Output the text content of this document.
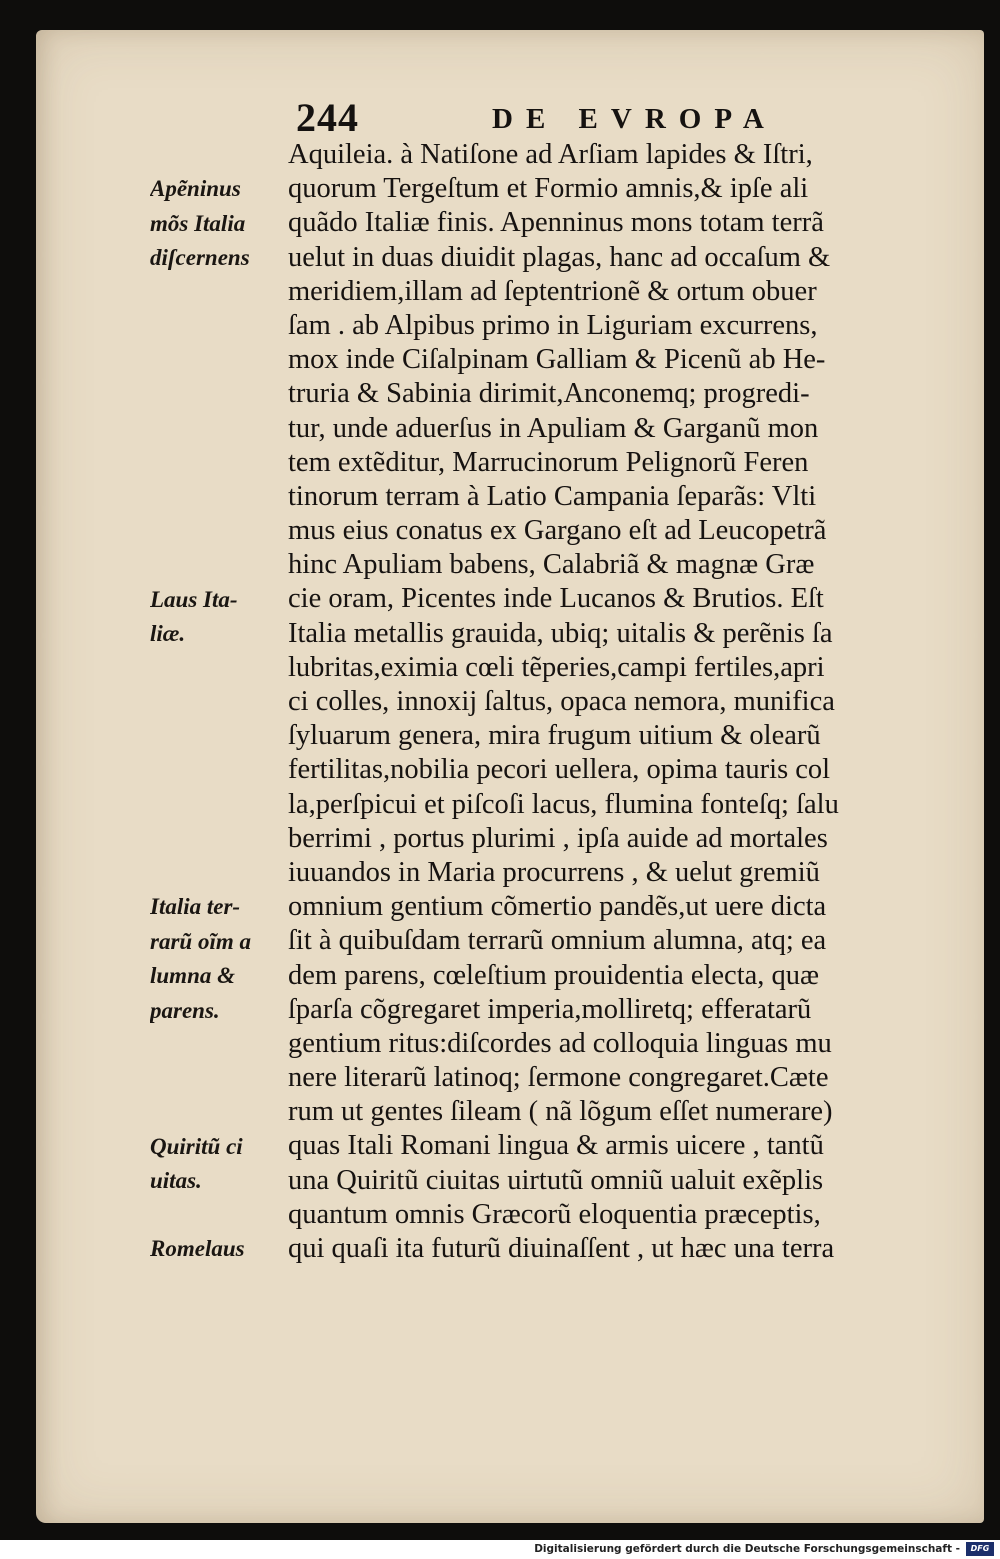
244	DE EVROPA
Aquileia. à Natiſone ad Arſiam lapides & Iſtri,
quorum Tergeſtum et Formio amnis,& ipſe ali
quãdo Italiæ finis. Apenninus mons totam terrã
uelut in duas diuidit plagas, hanc ad occaſum &
meridiem,illam ad ſeptentrionẽ & ortum obuer
ſam . ab Alpibus primo in Liguriam excurrens,
mox inde Ciſalpinam Galliam & Picenũ ab He-
truria & Sabinia dirimit,Anconemq; progredi-
tur, unde aduerſus in Apuliam & Garganũ mon
tem extẽditur, Marrucinorum Pelignorũ Feren
tinorum terram à Latio Campania ſeparãs: Vlti
mus eius conatus ex Gargano eſt ad Leucopetrã
hinc Apuliam babens, Calabriã & magnæ Græ
cie oram, Picentes inde Lucanos & Brutios. Eſt
Italia metallis grauida, ubiq; uitalis & perẽnis ſa
lubritas,eximia cœli tẽperies,campi fertiles,apri
ci colles, innoxij ſaltus, opaca nemora, munifica
ſyluarum genera, mira frugum uitium & olearũ
fertilitas,nobilia pecori uellera, opima tauris col
la,perſpicui et piſcoſi lacus, flumina fonteſq; ſalu
berrimi , portus plurimi , ipſa auide ad mortales
iuuandos in Maria procurrens , & uelut gremiũ
omnium gentium cõmertio pandẽs,ut uere dicta
ſit à quibuſdam terrarũ omnium alumna, atq; ea
dem parens, cœleſtium prouidentia electa, quæ
ſparſa cõgregaret imperia,molliretq; efferatarũ
gentium ritus:diſcordes ad colloquia linguas mu
nere literarũ latinoq; ſermone congregaret.Cæte
rum ut gentes ſileam ( nã lõgum eſſet numerare)
quas Itali Romani lingua & armis uicere , tantũ
una Quiritũ ciuitas uirtutũ omniũ ualuit exẽplis
quantum omnis Græcorũ eloquentia præceptis,
qui quaſi ita futurũ diuinaſſent , ut hæc una terra
Apẽninus
mõs Italia
diſcernens
Laus Ita-
liæ.
Italia ter-
rarũ oĩm a
lumna &
parens.
Quiritũ ci
uitas.
Romelaus
Digitalisierung gefördert durch die Deutsche Forschungsgemeinschaft -	DFG
